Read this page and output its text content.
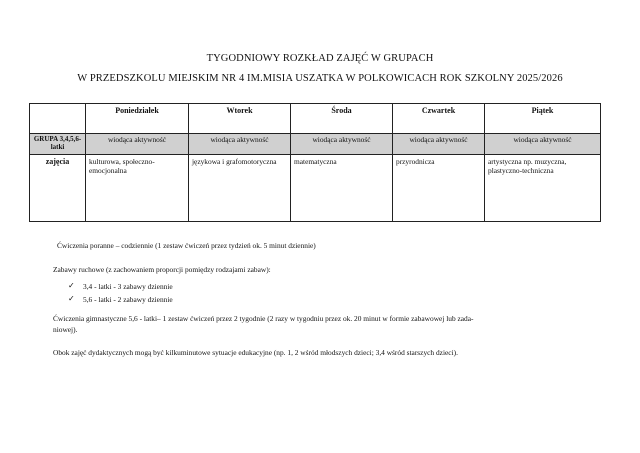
TYGODNIOWY ROZKŁAD ZAJĘĆ W GRUPACH
W PRZEDSZKOLU MIEJSKIM NR 4 IM.MISIA USZATKA W POLKOWICACH ROK SZKOLNY 2025/2026
	Poniedziałek	Wtorek	Środa	Czwartek	Piątek
GRUPA 3,4,5,6- latki	wiodąca aktywność	wiodąca aktywność	wiodąca aktywność	wiodąca aktywność	wiodąca aktywność
zajęcia	kulturowa, społeczno-emocjonalna	językowa i grafomotoryczna	matematyczna	przyrodnicza	artystyczna np. muzyczna, plastyczno-techniczna
Ćwiczenia poranne – codziennie (1 zestaw ćwiczeń przez tydzień ok. 5 minut dziennie)
Zabawy ruchowe (z zachowaniem proporcji pomiędzy rodzajami zabaw):
✓ 3,4 - latki - 3 zabawy dziennie
✓ 5,6 - latki - 2 zabawy dziennie
Ćwiczenia gimnastyczne 5,6 - latki– 1 zestaw ćwiczeń przez 2 tygodnie (2 razy w tygodniu przez ok. 20 minut w formie zabawowej lub zada-
niowej).
Obok zajęć dydaktycznych mogą być kilkuminutowe sytuacje edukacyjne (np. 1, 2 wśród młodszych dzieci; 3,4 wśród starszych dzieci).
